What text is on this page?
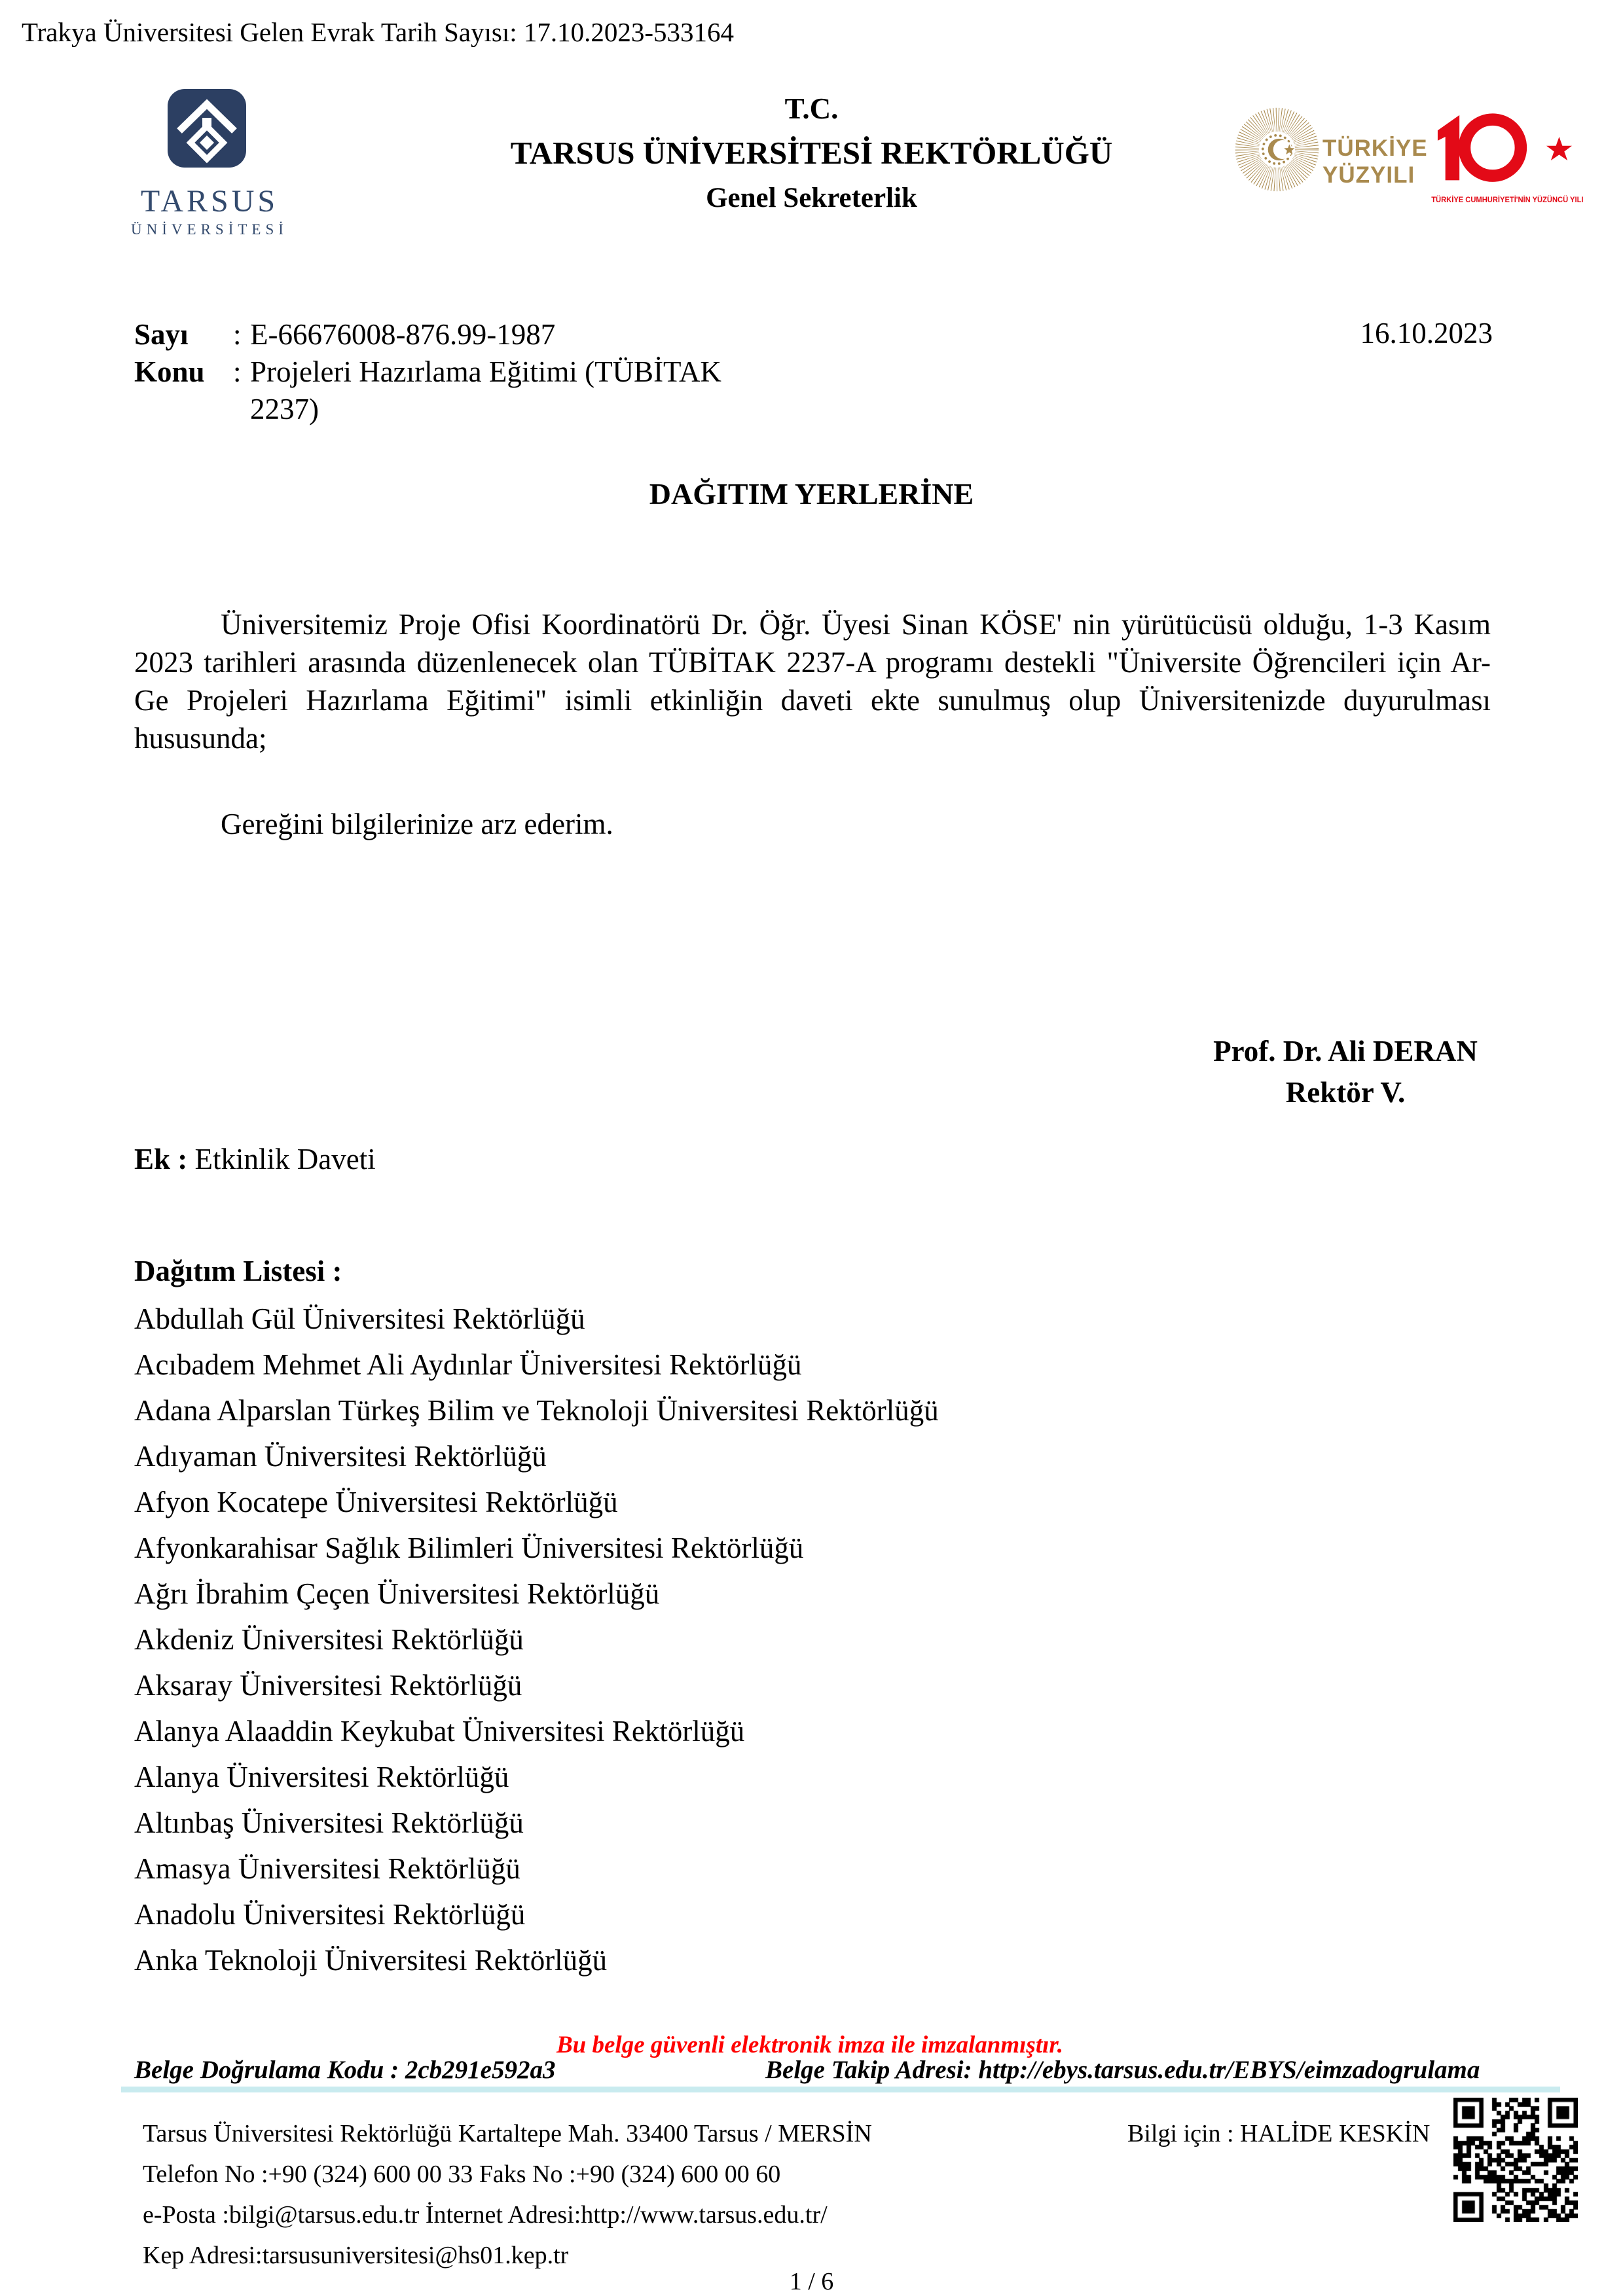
Trakya Üniversitesi Gelen Evrak Tarih Sayısı: 17.10.2023-533164
TARSUS
ÜNİVERSİTESİ
T.C.
TARSUS ÜNİVERSİTESİ REKTÖRLÜĞÜ
Genel Sekreterlik
TÜRKİYE
YÜZYILI
TÜRKİYE CUMHURİYETİ'NİN YÜZÜNCÜ YILI
Sayı	: E-66676008-876.99-1987
Konu : Projeleri Hazırlama Eğitimi (TÜBİTAK
2237)
16.10.2023
DAĞITIM YERLERİNE
Üniversitemiz Proje Ofisi Koordinatörü Dr. Öğr. Üyesi Sinan KÖSE' nin yürütücüsü olduğu, 1-3 Kasım 2023 tarihleri arasında düzenlenecek olan TÜBİTAK 2237-A programı destekli "Üniversite Öğrencileri için Ar-Ge Projeleri Hazırlama Eğitimi" isimli etkinliğin daveti ekte sunulmuş olup Üniversitenizde duyurulması hususunda;
Gereğini bilgilerinize arz ederim.
Prof. Dr. Ali DERAN
Rektör V.
Ek : Etkinlik Daveti
Dağıtım Listesi :
Abdullah Gül Üniversitesi Rektörlüğü
Acıbadem Mehmet Ali Aydınlar Üniversitesi Rektörlüğü
Adana Alparslan Türkeş Bilim ve Teknoloji Üniversitesi Rektörlüğü
Adıyaman Üniversitesi Rektörlüğü
Afyon Kocatepe Üniversitesi Rektörlüğü
Afyonkarahisar Sağlık Bilimleri Üniversitesi Rektörlüğü
Ağrı İbrahim Çeçen Üniversitesi Rektörlüğü
Akdeniz Üniversitesi Rektörlüğü
Aksaray Üniversitesi Rektörlüğü
Alanya Alaaddin Keykubat Üniversitesi Rektörlüğü
Alanya Üniversitesi Rektörlüğü
Altınbaş Üniversitesi Rektörlüğü
Amasya Üniversitesi Rektörlüğü
Anadolu Üniversitesi Rektörlüğü
Anka Teknoloji Üniversitesi Rektörlüğü
Bu belge güvenli elektronik imza ile imzalanmıştır.
Belge Doğrulama Kodu : 2cb291e592a3	Belge Takip Adresi: http://ebys.tarsus.edu.tr/EBYS/eimzadogrulama
Tarsus Üniversitesi Rektörlüğü Kartaltepe Mah. 33400 Tarsus / MERSİN
Telefon No :+90 (324) 600 00 33 Faks No :+90 (324) 600 00 60
e-Posta :bilgi@tarsus.edu.tr İnternet Adresi:http://www.tarsus.edu.tr/
Kep Adresi:tarsusuniversitesi@hs01.kep.tr
Bilgi için : HALİDE KESKİN
1 / 6
